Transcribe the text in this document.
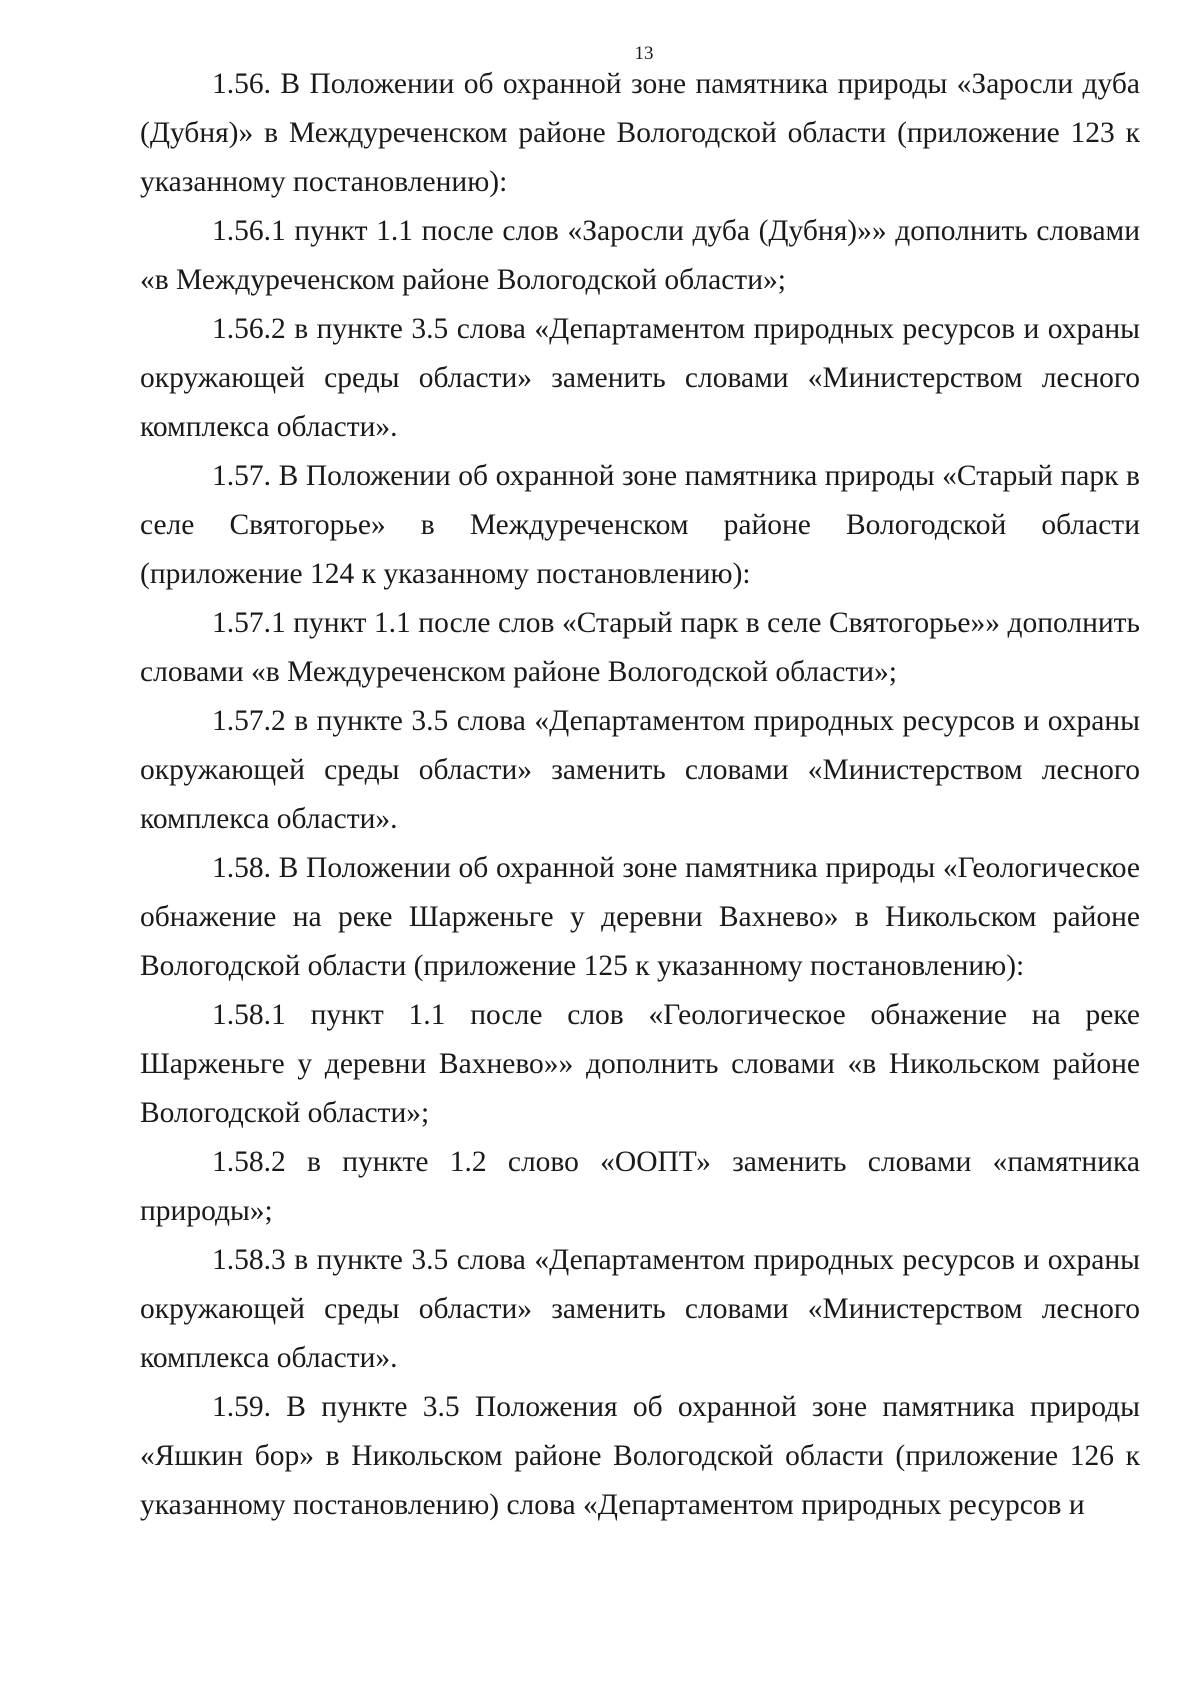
13

1.56. В Положении об охранной зоне памятника природы «Заросли дуба (Дубня)» в Междуреченском районе Вологодской области (приложение 123 к указанному постановлению):

1.56.1 пункт 1.1 после слов «Заросли дуба (Дубня)»» дополнить словами «в Междуреченском районе Вологодской области»;

1.56.2 в пункте 3.5 слова «Департаментом природных ресурсов и охраны окружающей среды области» заменить словами «Министерством лесного комплекса области».

1.57. В Положении об охранной зоне памятника природы «Старый парк в селе Святогорье» в Междуреченском районе Вологодской области (приложение 124 к указанному постановлению):

1.57.1 пункт 1.1 после слов «Старый парк в селе Святогорье»» дополнить словами «в Междуреченском районе Вологодской области»;

1.57.2 в пункте 3.5 слова «Департаментом природных ресурсов и охраны окружающей среды области» заменить словами «Министерством лесного комплекса области».

1.58. В Положении об охранной зоне памятника природы «Геологическое обнажение на реке Шарженьге у деревни Вахнево» в Никольском районе Вологодской области (приложение 125 к указанному постановлению):

1.58.1 пункт 1.1 после слов «Геологическое обнажение на реке Шарженьге у деревни Вахнево»» дополнить словами «в Никольском районе Вологодской области»;

1.58.2 в пункте 1.2 слово «ООПТ» заменить словами «памятника природы»;

1.58.3 в пункте 3.5 слова «Департаментом природных ресурсов и охраны окружающей среды области» заменить словами «Министерством лесного комплекса области».

1.59. В пункте 3.5 Положения об охранной зоне памятника природы «Яшкин бор» в Никольском районе Вологодской области (приложение 126 к указанному постановлению) слова «Департаментом природных ресурсов и
